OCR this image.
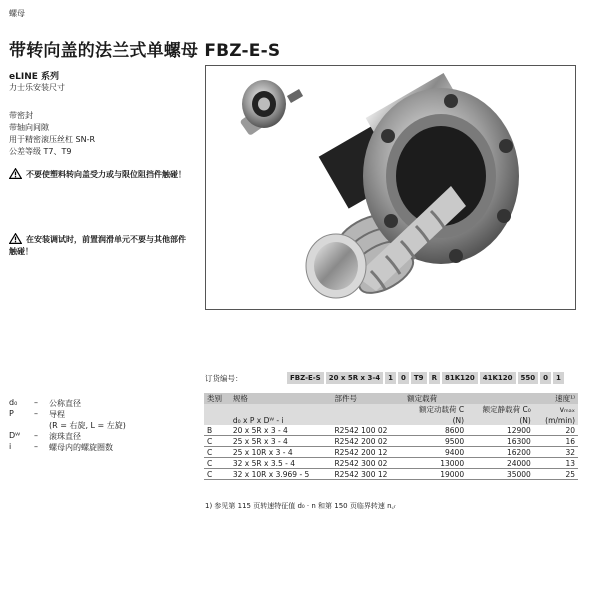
螺母
带转向盖的法兰式单螺母 FBZ-E-S
eLINE 系列
力士乐安装尺寸
带密封
带轴向间隙
用于精密滚压丝杠 SN-R
公差等级 T7、T9
不要使塑料转向盖受力或与限位阻挡件触碰！
在安装调试时，前置润滑单元不要与其他部件触碰！
d₀	– 公称直径
P	– 导程
(R = 右旋, L = 左旋)
Dᵂ	– 滚珠直径
i	– 螺母内的螺旋圈数
订货编号：	FBZ-E-S	20 x 5R x 3-4	1	0	T9	R	81K120	41K120	550	0	1
类别	规格	部件号	额定载荷		速度¹⁾
			额定动载荷 C	额定静载荷 C₀	vₘₐₓ
	d₀ x P x Dᵂ - i		(N)	(N)	(m/min)
B	20 x 5R x 3 - 4	R2542 100 02	8600	12900	20
C	25 x 5R x 3 - 4	R2542 200 02	9500	16300	16
C	25 x 10R x 3 - 4	R2542 200 12	9400	16200	32
C	32 x 5R x 3.5 - 4	R2542 300 02	13000	24000	13
C	32 x 10R x 3.969 - 5	R2542 300 12	19000	35000	25
1) 参见第 115 页转速特征值 d₀ · n 和第 150 页临界转速 n꜀ᵣ
